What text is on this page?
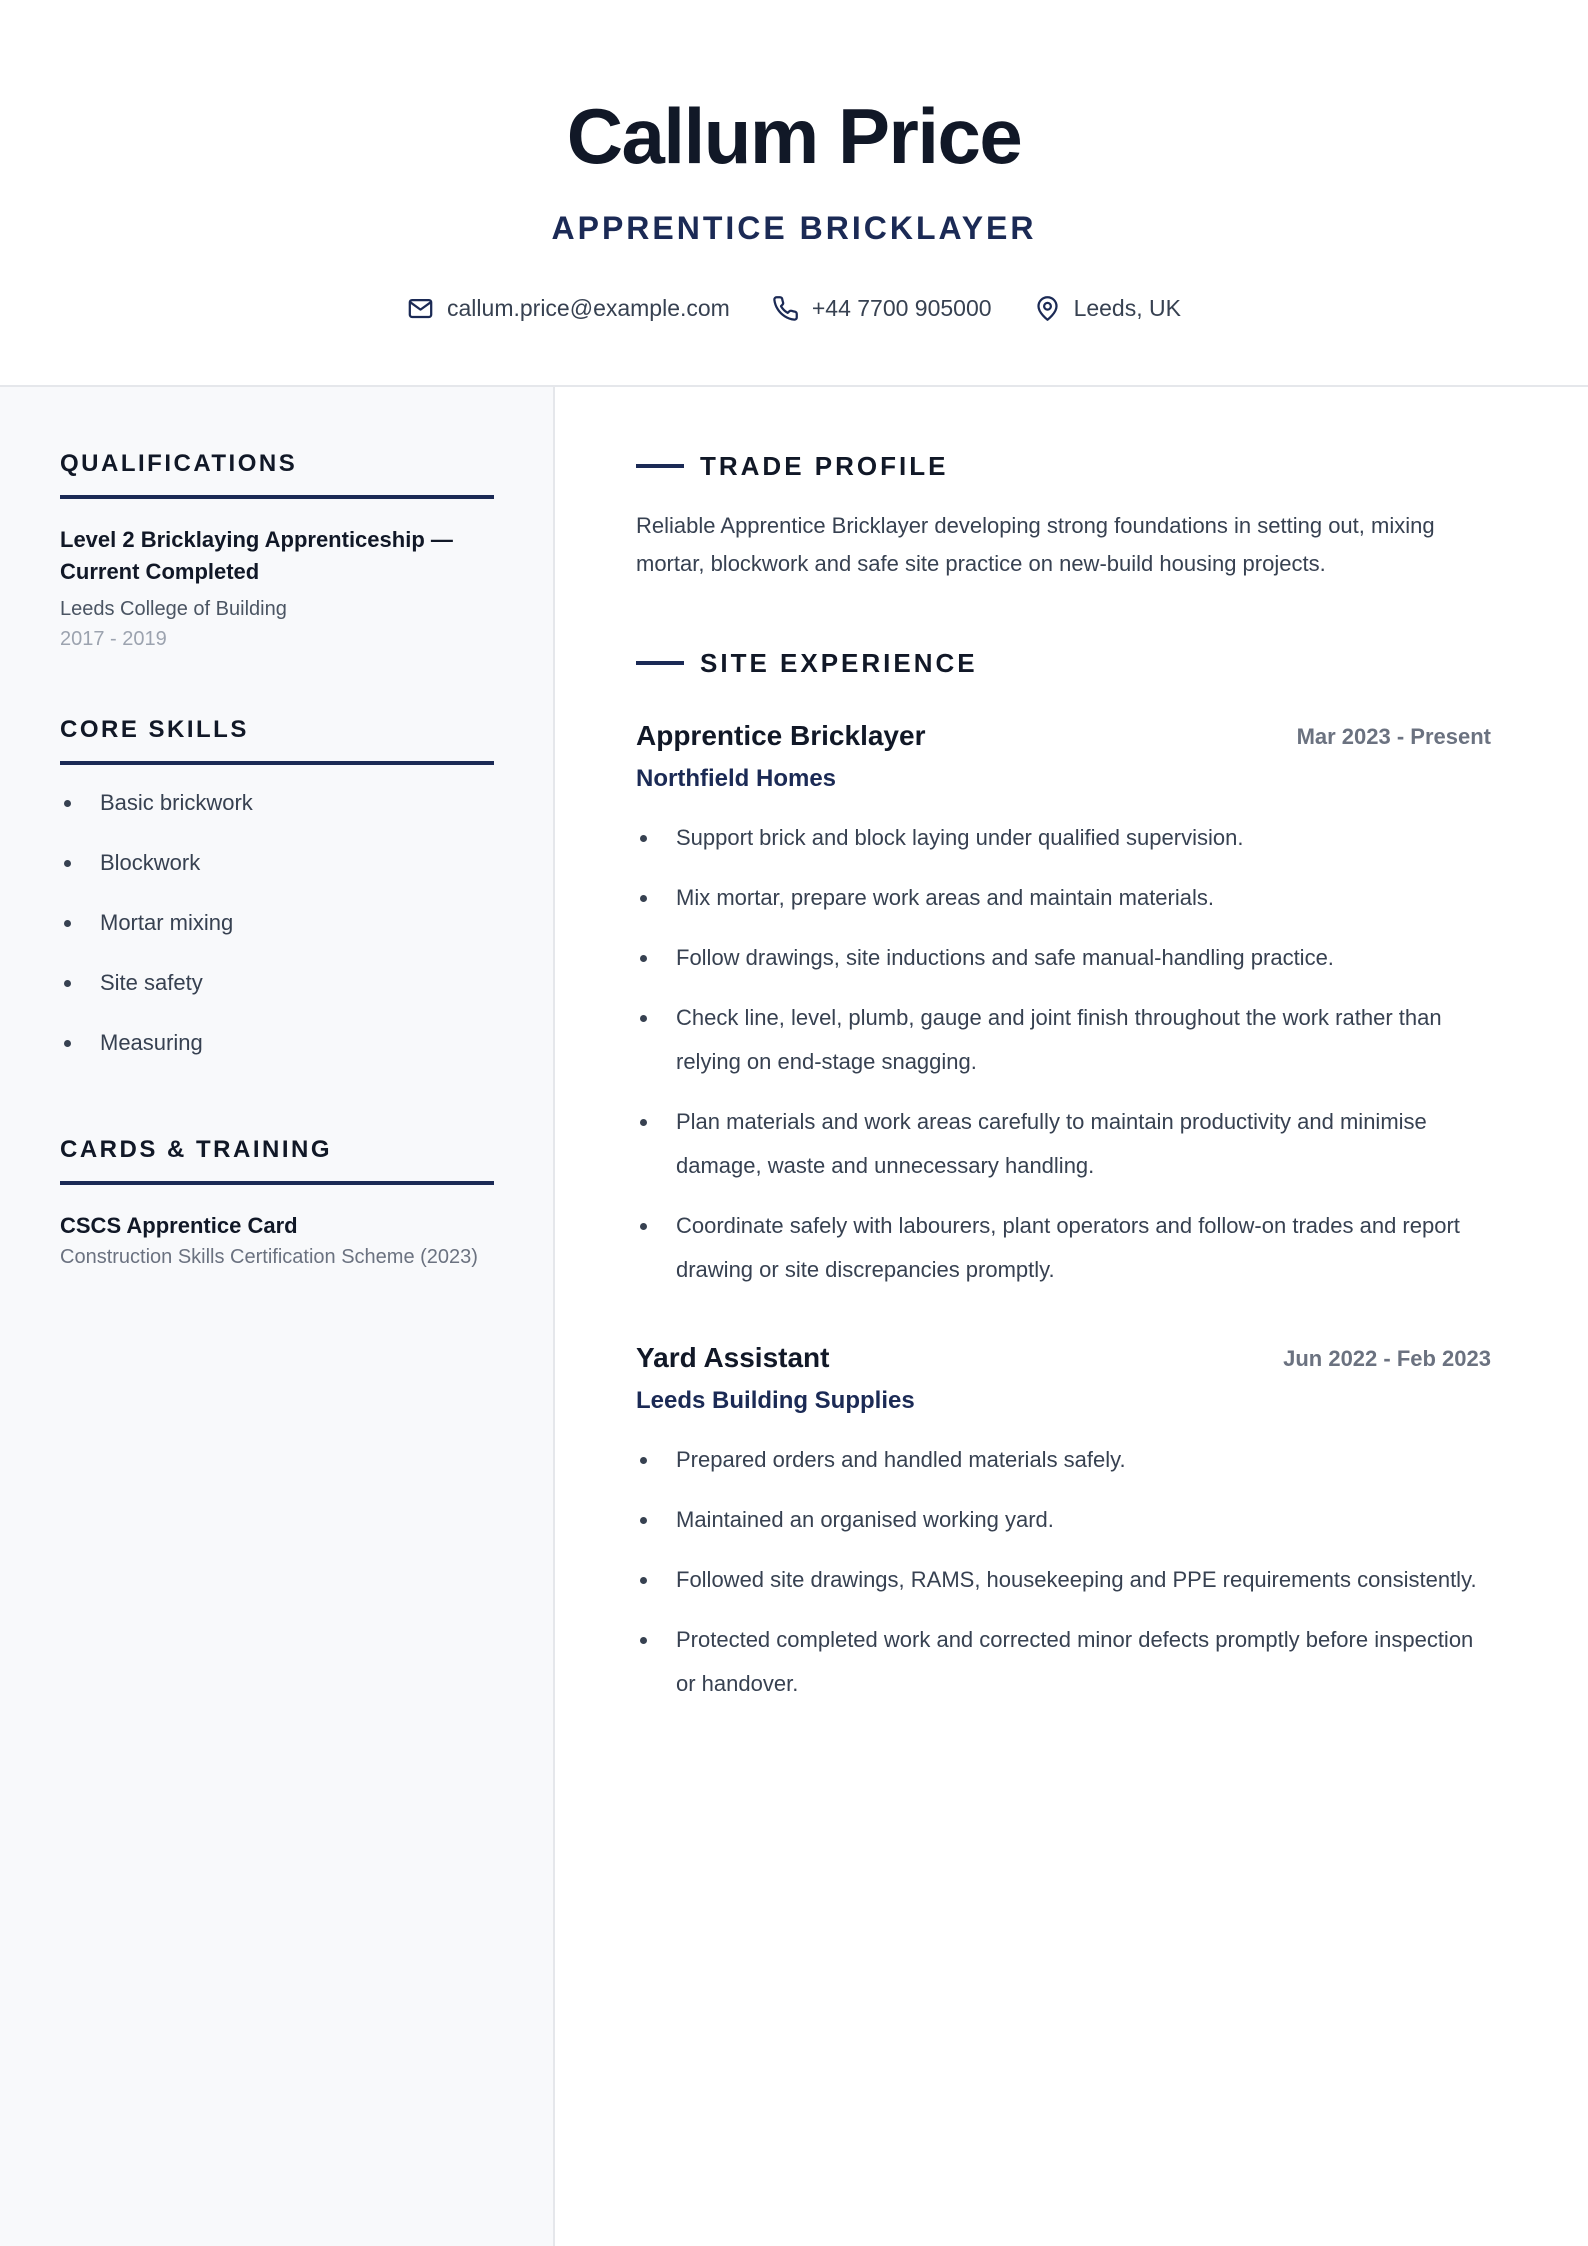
Callum Price
APPRENTICE BRICKLAYER
callum.price@example.com	+44 7700 905000	Leeds, UK
QUALIFICATIONS
Level 2 Bricklaying Apprenticeship — Current Completed
Leeds College of Building
2017 - 2019
CORE SKILLS
Basic brickwork
Blockwork
Mortar mixing
Site safety
Measuring
CARDS & TRAINING
CSCS Apprentice Card
Construction Skills Certification Scheme (2023)
TRADE PROFILE

Reliable Apprentice Bricklayer developing strong foundations in setting out, mixing mortar, blockwork and safe site practice on new-build housing projects.

SITE EXPERIENCE
Apprentice Bricklayer	Mar 2023 - Present
Northfield Homes
Support brick and block laying under qualified supervision.
Mix mortar, prepare work areas and maintain materials.
Follow drawings, site inductions and safe manual-handling practice.
Check line, level, plumb, gauge and joint finish throughout the work rather than relying on end-stage snagging.
Plan materials and work areas carefully to maintain productivity and minimise damage, waste and unnecessary handling.
Coordinate safely with labourers, plant operators and follow-on trades and report drawing or site discrepancies promptly.
Yard Assistant	Jun 2022 - Feb 2023
Leeds Building Supplies
Prepared orders and handled materials safely.
Maintained an organised working yard.
Followed site drawings, RAMS, housekeeping and PPE requirements consistently.
Protected completed work and corrected minor defects promptly before inspection or handover.
